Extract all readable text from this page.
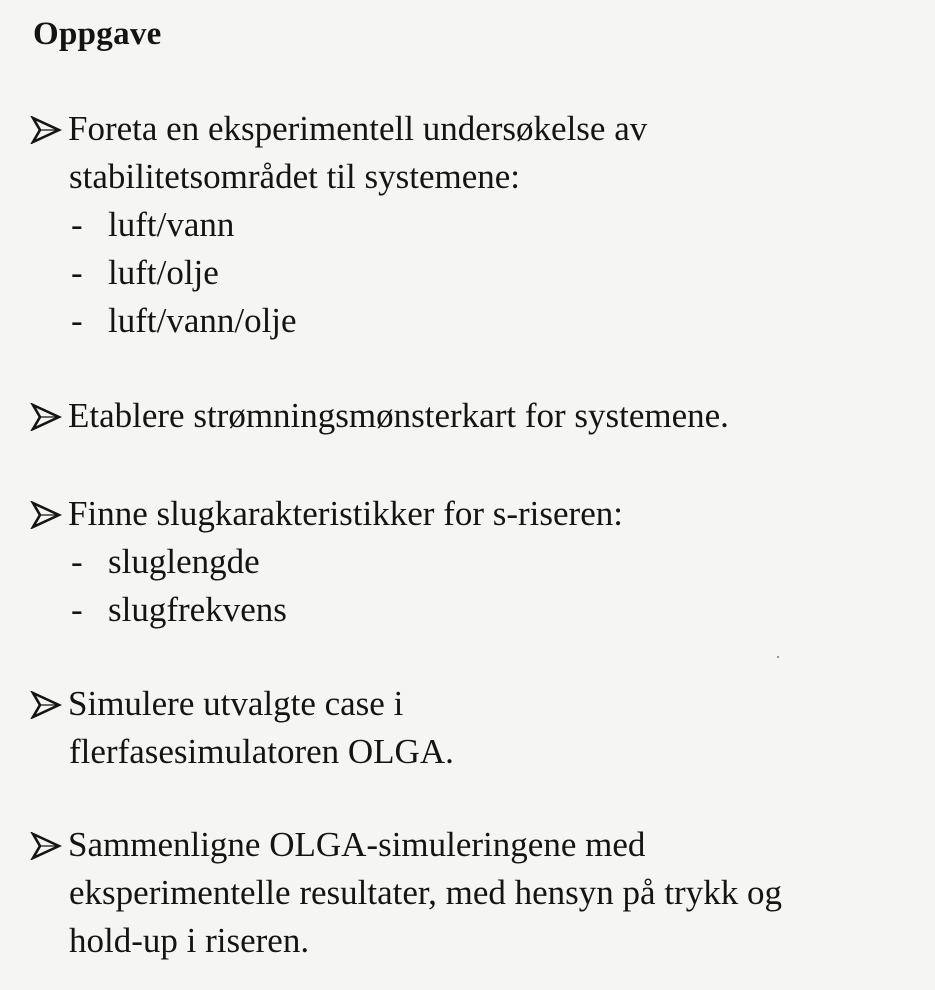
Oppgave
Foreta en eksperimentell undersøkelse av
stabilitetsområdet til systemene:
- luft/vann
- luft/olje
- luft/vann/olje
Etablere strømningsmønsterkart for systemene.
Finne slugkarakteristikker for s-riseren:
- sluglengde
- slugfrekvens
Simulere utvalgte case i
flerfasesimulatoren OLGA.
Sammenligne OLGA-simuleringene med
eksperimentelle resultater, med hensyn på trykk og
hold-up i riseren.
